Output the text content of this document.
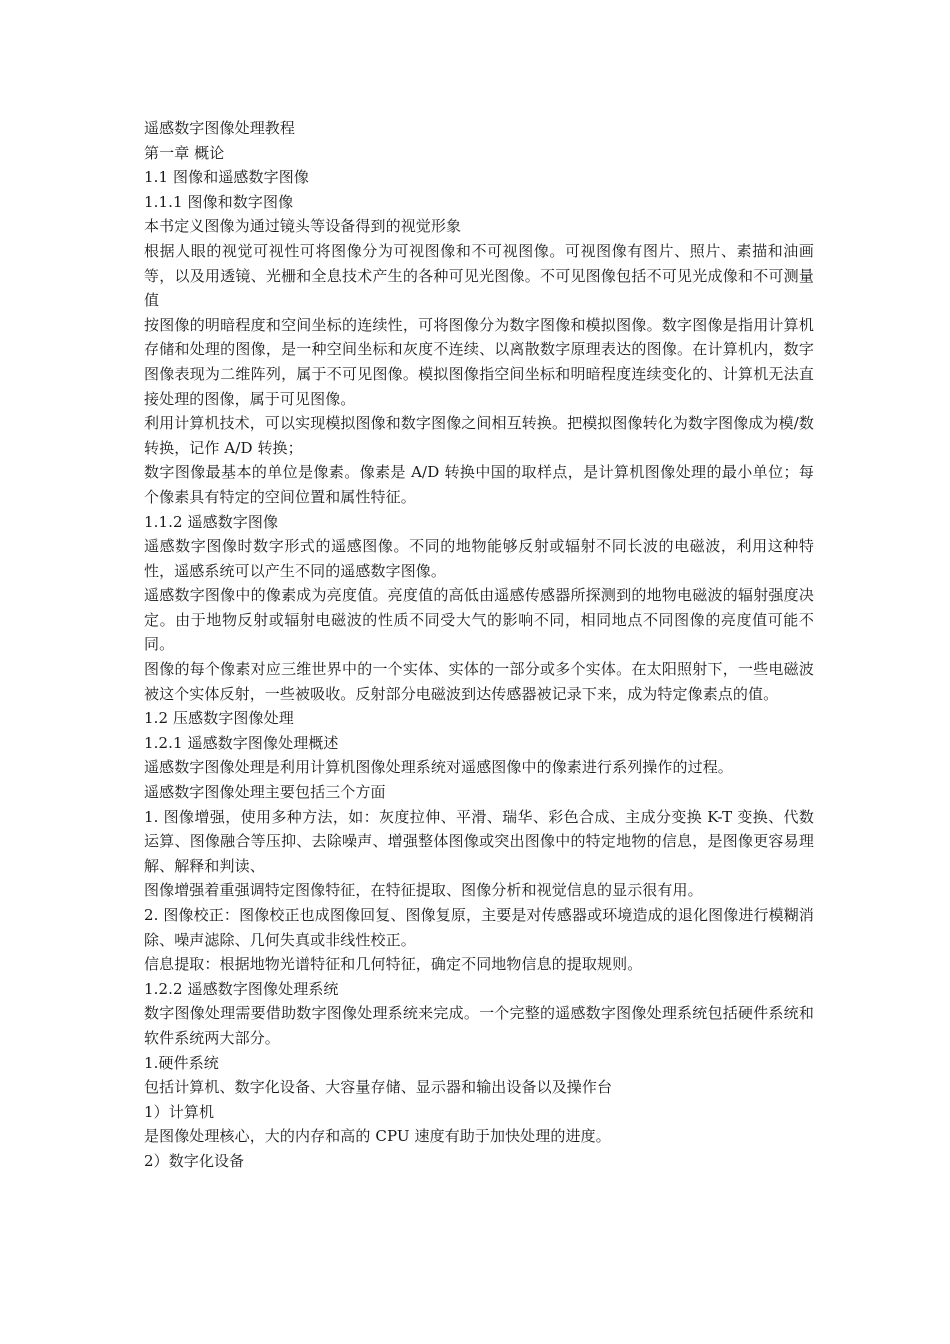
遥感数字图像处理教程
第一章 概论
1.1 图像和遥感数字图像
1.1.1 图像和数字图像

本书定义图像为通过镜头等设备得到的视觉形象

根据人眼的视觉可视性可将图像分为可视图像和不可视图像。可视图像有图片、照片、素描和油画等，以及用透镜、光栅和全息技术产生的各种可见光图像。不可见图像包括不可见光成像和不可测量值

按图像的明暗程度和空间坐标的连续性，可将图像分为数字图像和模拟图像。数字图像是指用计算机存储和处理的图像，是一种空间坐标和灰度不连续、以离散数字原理表达的图像。在计算机内，数字图像表现为二维阵列，属于不可见图像。模拟图像指空间坐标和明暗程度连续变化的、计算机无法直接处理的图像，属于可见图像。

利用计算机技术，可以实现模拟图像和数字图像之间相互转换。把模拟图像转化为数字图像成为模/数转换，记作 A/D 转换；

数字图像最基本的单位是像素。像素是 A/D 转换中国的取样点，是计算机图像处理的最小单位；每个像素具有特定的空间位置和属性特征。

1.1.2 遥感数字图像

遥感数字图像时数字形式的遥感图像。不同的地物能够反射或辐射不同长波的电磁波，利用这种特性，遥感系统可以产生不同的遥感数字图像。

遥感数字图像中的像素成为亮度值。亮度值的高低由遥感传感器所探测到的地物电磁波的辐射强度决定。由于地物反射或辐射电磁波的性质不同受大气的影响不同，相同地点不同图像的亮度值可能不同。

图像的每个像素对应三维世界中的一个实体、实体的一部分或多个实体。在太阳照射下，一些电磁波被这个实体反射，一些被吸收。反射部分电磁波到达传感器被记录下来，成为特定像素点的值。

1.2 压感数字图像处理
1.2.1 遥感数字图像处理概述

遥感数字图像处理是利用计算机图像处理系统对遥感图像中的像素进行系列操作的过程。

遥感数字图像处理主要包括三个方面

1. 图像增强，使用多种方法，如：灰度拉伸、平滑、瑞华、彩色合成、主成分变换 K-T 变换、代数运算、图像融合等压抑、去除噪声、增强整体图像或突出图像中的特定地物的信息，是图像更容易理解、解释和判读、

图像增强着重强调特定图像特征，在特征提取、图像分析和视觉信息的显示很有用。

2. 图像校正：图像校正也成图像回复、图像复原，主要是对传感器或环境造成的退化图像进行模糊消除、噪声滤除、几何失真或非线性校正。

信息提取：根据地物光谱特征和几何特征，确定不同地物信息的提取规则。

1.2.2 遥感数字图像处理系统

数字图像处理需要借助数字图像处理系统来完成。一个完整的遥感数字图像处理系统包括硬件系统和软件系统两大部分。

1.硬件系统

包括计算机、数字化设备、大容量存储、显示器和输出设备以及操作台

1）计算机

是图像处理核心，大的内存和高的 CPU 速度有助于加快处理的进度。

2）数字化设备
